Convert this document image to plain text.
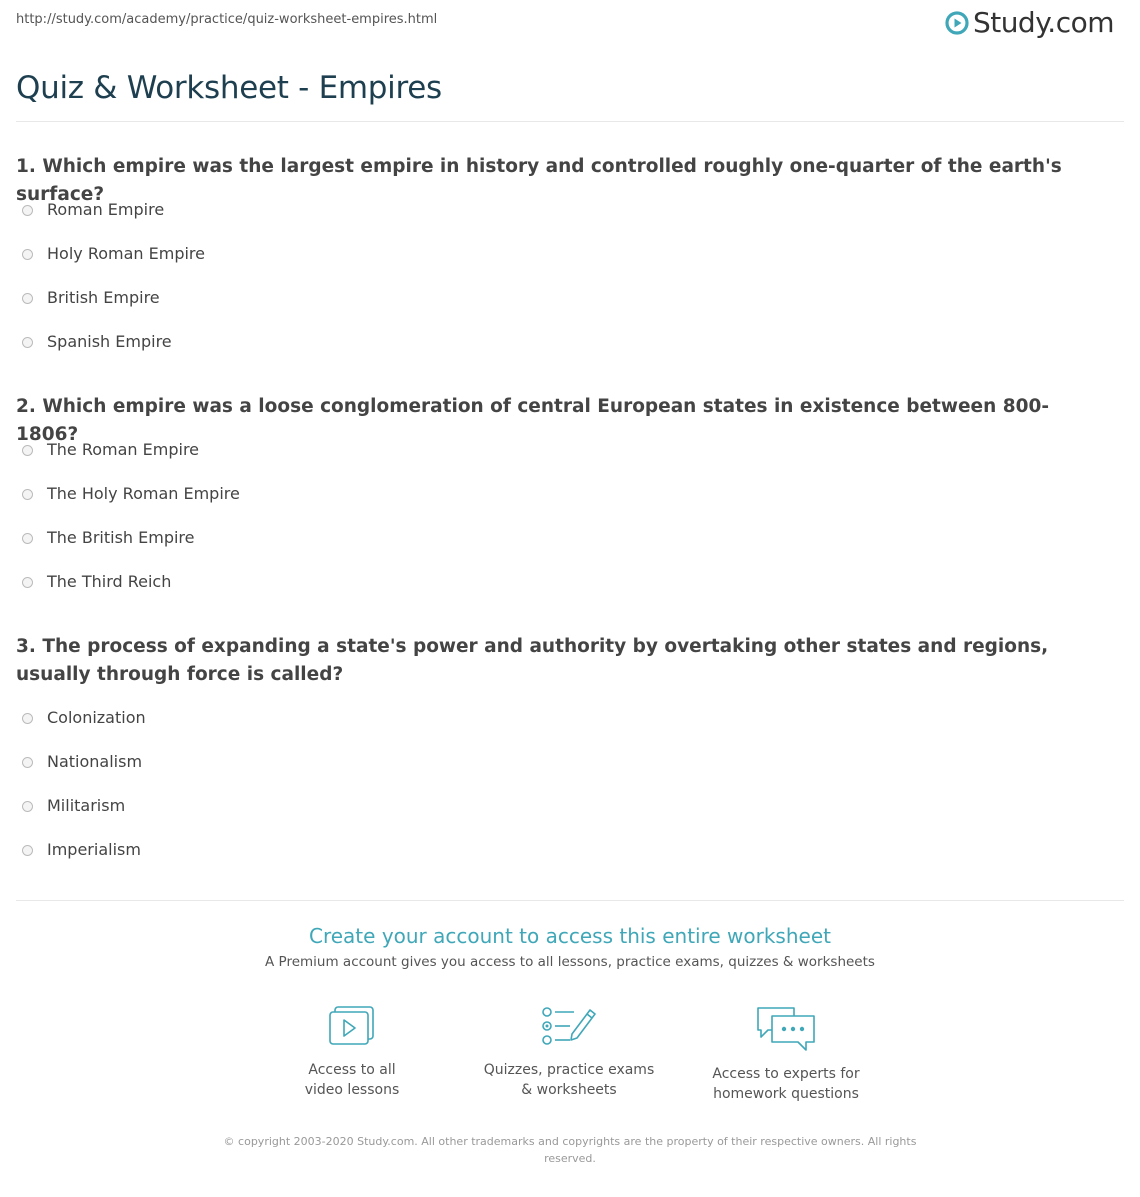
http://study.com/academy/practice/quiz-worksheet-empires.html	Study.com
Quiz & Worksheet - Empires
1. Which empire was the largest empire in history and controlled roughly one-quarter of the earth's surface?
Roman Empire
Holy Roman Empire
British Empire
Spanish Empire
2. Which empire was a loose conglomeration of central European states in existence between 800-1806?
The Roman Empire
The Holy Roman Empire
The British Empire
The Third Reich
3. The process of expanding a state's power and authority by overtaking other states and regions, usually through force is called?
Colonization
Nationalism
Militarism
Imperialism
Create your account to access this entire worksheet
A Premium account gives you access to all lessons, practice exams, quizzes & worksheets
Access to all
video lessons
Quizzes, practice exams
& worksheets
Access to experts for
homework questions
© copyright 2003-2020 Study.com. All other trademarks and copyrights are the property of their respective owners. All rights
reserved.
